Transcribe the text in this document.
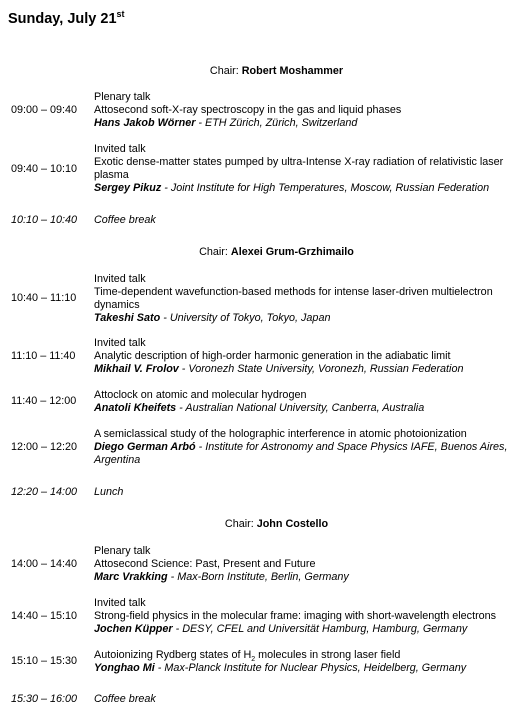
Sunday, July 21st
Chair: Robert Moshammer
09:00 – 09:40
Plenary talk
Attosecond soft-X-ray spectroscopy in the gas and liquid phases
Hans Jakob Wörner - ETH Zürich, Zürich, Switzerland
09:40 – 10:10
Invited talk
Exotic dense-matter states pumped by ultra-Intense X-ray radiation of relativistic laser plasma
Sergey Pikuz - Joint Institute for High Temperatures, Moscow, Russian Federation
10:10 – 10:40 Coffee break
Chair: Alexei Grum-Grzhimailo
10:40 – 11:10
Invited talk
Time-dependent wavefunction-based methods for intense laser-driven multielectron dynamics
Takeshi Sato - University of Tokyo, Tokyo, Japan
11:10 – 11:40
Invited talk
Analytic description of high-order harmonic generation in the adiabatic limit
Mikhail V. Frolov - Voronezh State University, Voronezh, Russian Federation
11:40 – 12:00 Attoclock on atomic and molecular hydrogen
Anatoli Kheifets - Australian National University, Canberra, Australia
12:00 – 12:20
A semiclassical study of the holographic interference in atomic photoionization
Diego German Arbó - Institute for Astronomy and Space Physics IAFE, Buenos Aires, Argentina
12:20 – 14:00 Lunch
Chair: John Costello
14:00 – 14:40
Plenary talk
Attosecond Science: Past, Present and Future
Marc Vrakking - Max-Born Institute, Berlin, Germany
14:40 – 15:10
Invited talk
Strong-field physics in the molecular frame: imaging with short-wavelength electrons
Jochen Küpper - DESY, CFEL and Universität Hamburg, Hamburg, Germany
15:10 – 15:30 Autoionizing Rydberg states of $H_2$ molecules in strong laser field
Yonghao Mi - Max-Planck Institute for Nuclear Physics, Heidelberg, Germany
15:30 – 16:00 Coffee break
